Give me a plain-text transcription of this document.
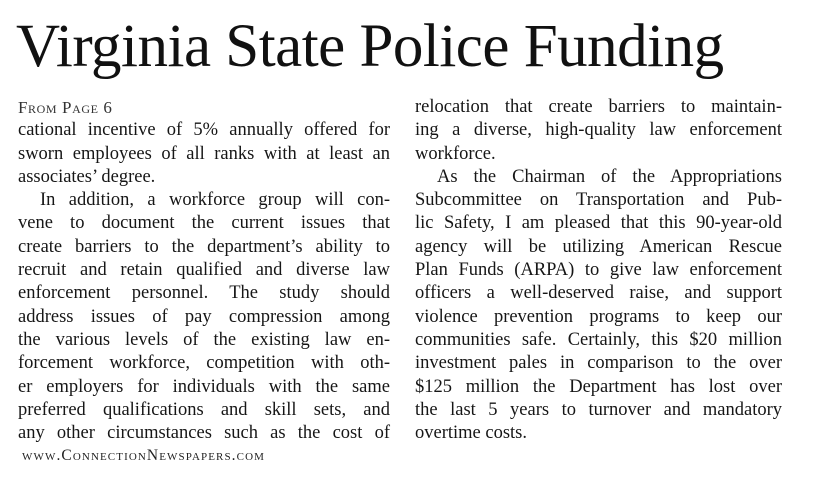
Virginia State Police Funding
From Page 6
cational incentive of 5% annually offered for
sworn employees of all ranks with at least an
associates’ degree.
In addition, a workforce group will con-
vene to document the current issues that
create barriers to the department’s ability to
recruit and retain qualified and diverse law
enforcement personnel. The study should
address issues of pay compression among
the various levels of the existing law en-
forcement workforce, competition with oth-
er employers for individuals with the same
preferred qualifications and skill sets, and
any other circumstances such as the cost of
relocation that create barriers to maintain-
ing a diverse, high-quality law enforcement
workforce.
As the Chairman of the Appropriations
Subcommittee on Transportation and Pub-
lic Safety, I am pleased that this 90-year-old
agency will be utilizing American Rescue
Plan Funds (ARPA) to give law enforcement
officers a well-deserved raise, and support
violence prevention programs to keep our
communities safe. Certainly, this $20 million
investment pales in comparison to the over
$125 million the Department has lost over
the last 5 years to turnover and mandatory
overtime costs.
www.ConnectionNewspapers.com
